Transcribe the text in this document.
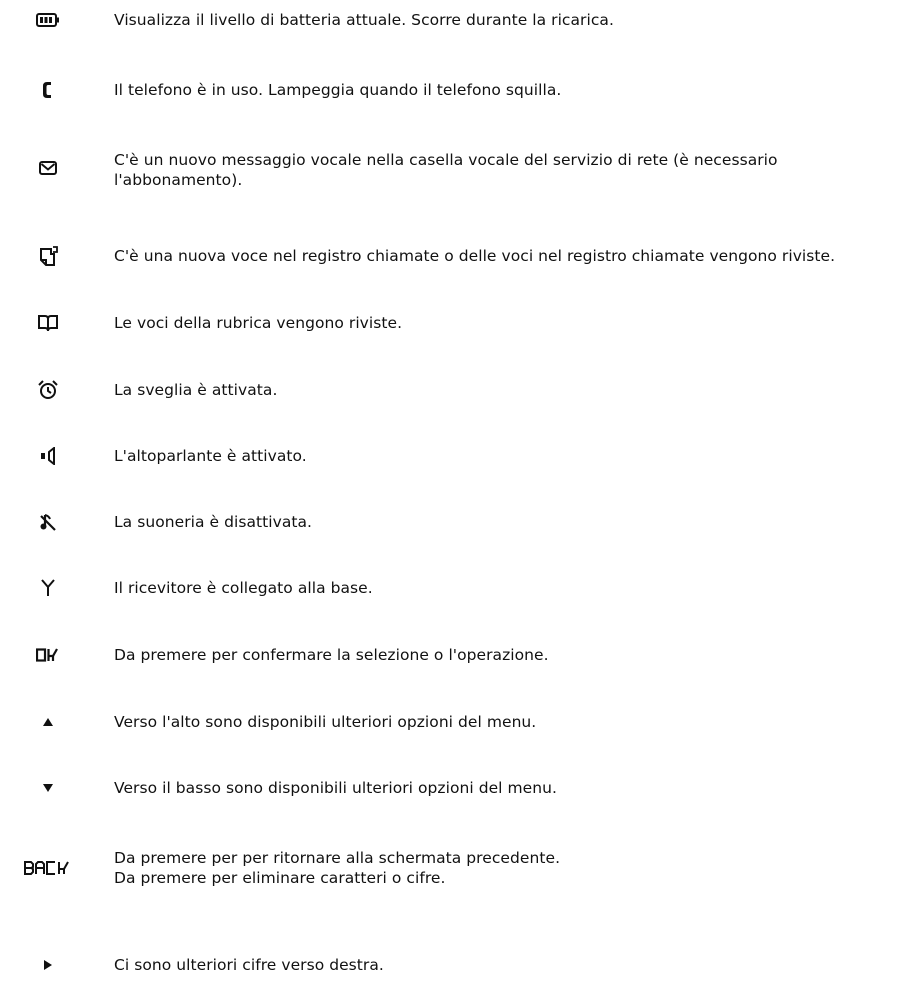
Visualizza il livello di batteria attuale. Scorre durante la ricarica.
Il telefono è in uso. Lampeggia quando il telefono squilla.
C'è un nuovo messaggio vocale nella casella vocale del servizio di rete (è necessario
l'abbonamento).
C'è una nuova voce nel registro chiamate o delle voci nel registro chiamate vengono riviste.
Le voci della rubrica vengono riviste.
La sveglia è attivata.
L'altoparlante è attivato.
La suoneria è disattivata.
Il ricevitore è collegato alla base.
Da premere per confermare la selezione o l'operazione.
Verso l'alto sono disponibili ulteriori opzioni del menu.
Verso il basso sono disponibili ulteriori opzioni del menu.
Da premere per per ritornare alla schermata precedente.
Da premere per eliminare caratteri o cifre.
Ci sono ulteriori cifre verso destra.
